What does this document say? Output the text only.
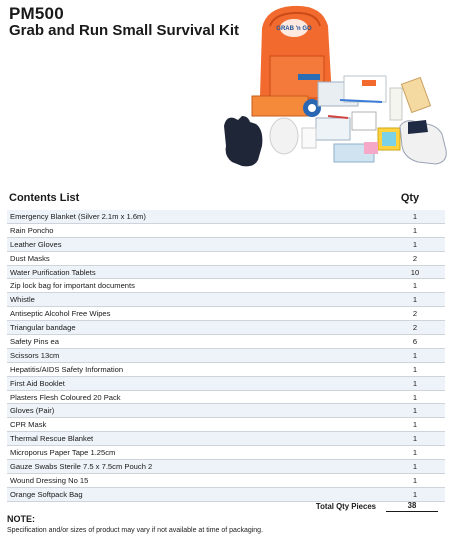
PM500
Grab and Run Small Survival Kit	GRAB 'n GO
Contents List	Qty
Emergency Blanket (Silver 2.1m x 1.6m)	1
Rain Poncho	1
Leather Gloves	1
Dust Masks	2
Water Purification Tablets	10
Zip lock bag for important documents	1
Whistle	1
Antiseptic Alcohol Free Wipes	2
Triangular bandage	2
Safety Pins ea	6
Scissors 13cm	1
Hepatitis/AIDS Safety Information	1
First Aid Booklet	1
Plasters Flesh Coloured 20 Pack	1
Gloves (Pair)	1
CPR Mask	1
Thermal Rescue Blanket	1
Microporus Paper Tape 1.25cm	1
Gauze Swabs Sterile 7.5 x 7.5cm Pouch 2	1
Wound Dressing No 15	1
Orange Softpack Bag	1
Total Qty Pieces	38
NOTE:
Specification and/or sizes of product may vary if not available at time of packaging.
